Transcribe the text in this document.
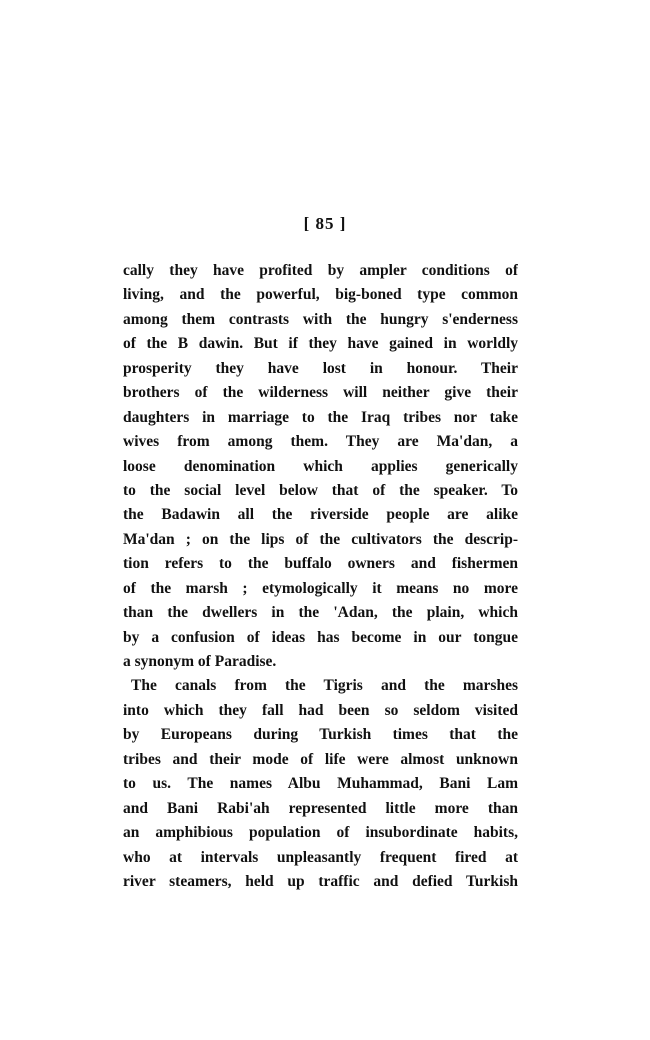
[ 85 ]
cally they have profited by ampler conditions of
living, and the powerful, big-boned type common
among them contrasts with the hungry s'enderness
of the B dawin. But if they have gained in worldly
prosperity they have lost in honour. Their
brothers of the wilderness will neither give their
daughters in marriage to the Iraq tribes nor take
wives from among them. They are Ma'dan, a
loose denomination which applies generically
to the social level below that of the speaker. To
the Badawin all the riverside people are alike
Ma'dan ; on the lips of the cultivators the descrip-
tion refers to the buffalo owners and fishermen
of the marsh ; etymologically it means no more
than the dwellers in the 'Adan, the plain, which
by a confusion of ideas has become in our tongue
a synonym of Paradise.
The canals from the Tigris and the marshes
into which they fall had been so seldom visited
by Europeans during Turkish times that the
tribes and their mode of life were almost unknown
to us. The names Albu Muhammad, Bani Lam
and Bani Rabi'ah represented little more than
an amphibious population of insubordinate habits,
who at intervals unpleasantly frequent fired at
river steamers, held up traffic and defied Turkish
